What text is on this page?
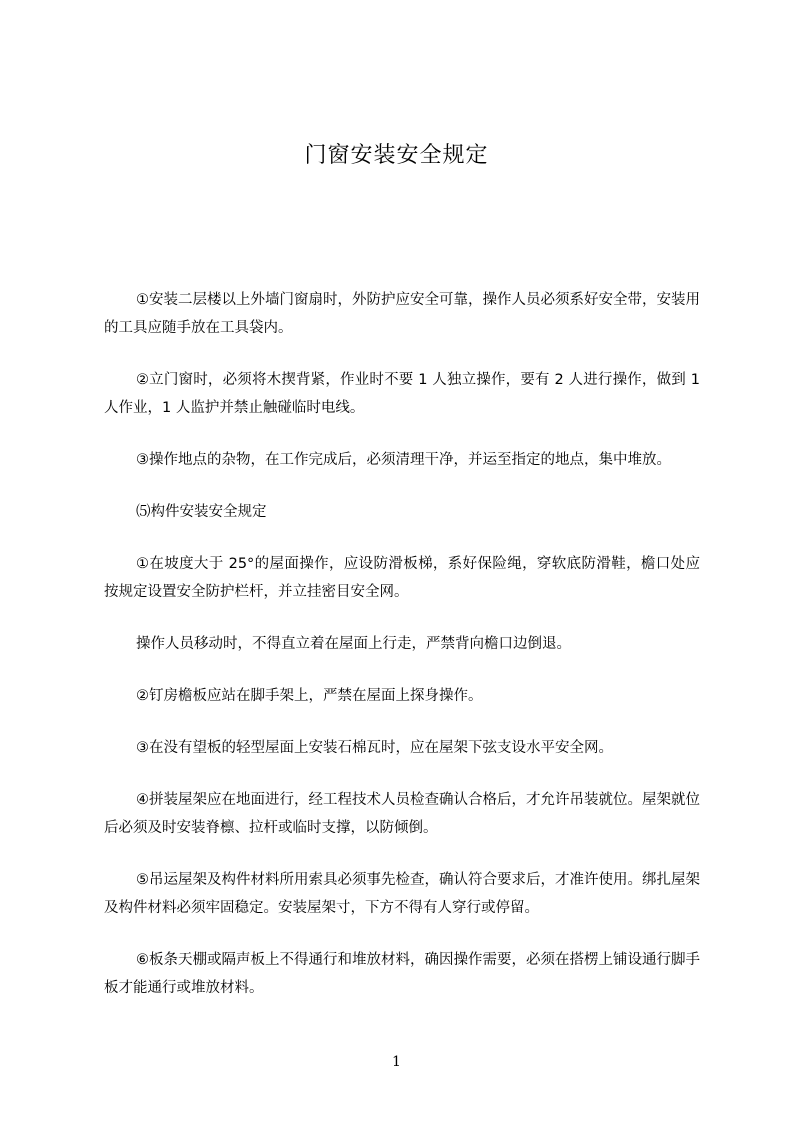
门窗安装安全规定

①安装二层楼以上外墙门窗扇时，外防护应安全可靠，操作人员必须系好安全带，安装用的工具应随手放在工具袋内。

②立门窗时，必须将木揳背紧，作业时不要 1 人独立操作，要有 2 人进行操作，做到 1 人作业，1 人监护并禁止触碰临时电线。

③操作地点的杂物，在工作完成后，必须清理干净，并运至指定的地点，集中堆放。

⑸构件安装安全规定

①在坡度大于 25°的屋面操作，应设防滑板梯，系好保险绳，穿软底防滑鞋，檐口处应按规定设置安全防护栏杆，并立挂密目安全网。

操作人员移动时，不得直立着在屋面上行走，严禁背向檐口边倒退。

②钉房檐板应站在脚手架上，严禁在屋面上探身操作。

③在没有望板的轻型屋面上安装石棉瓦时，应在屋架下弦支设水平安全网。

④拼装屋架应在地面进行，经工程技术人员检查确认合格后，才允许吊装就位。屋架就位后必须及时安装脊檩、拉杆或临时支撑，以防倾倒。

⑤吊运屋架及构件材料所用索具必须事先检查，确认符合要求后，才准许使用。绑扎屋架及构件材料必须牢固稳定。安装屋架寸，下方不得有人穿行或停留。

⑥板条天棚或隔声板上不得通行和堆放材料，确因操作需要，必须在搭楞上铺设通行脚手板才能通行或堆放材料。

1
